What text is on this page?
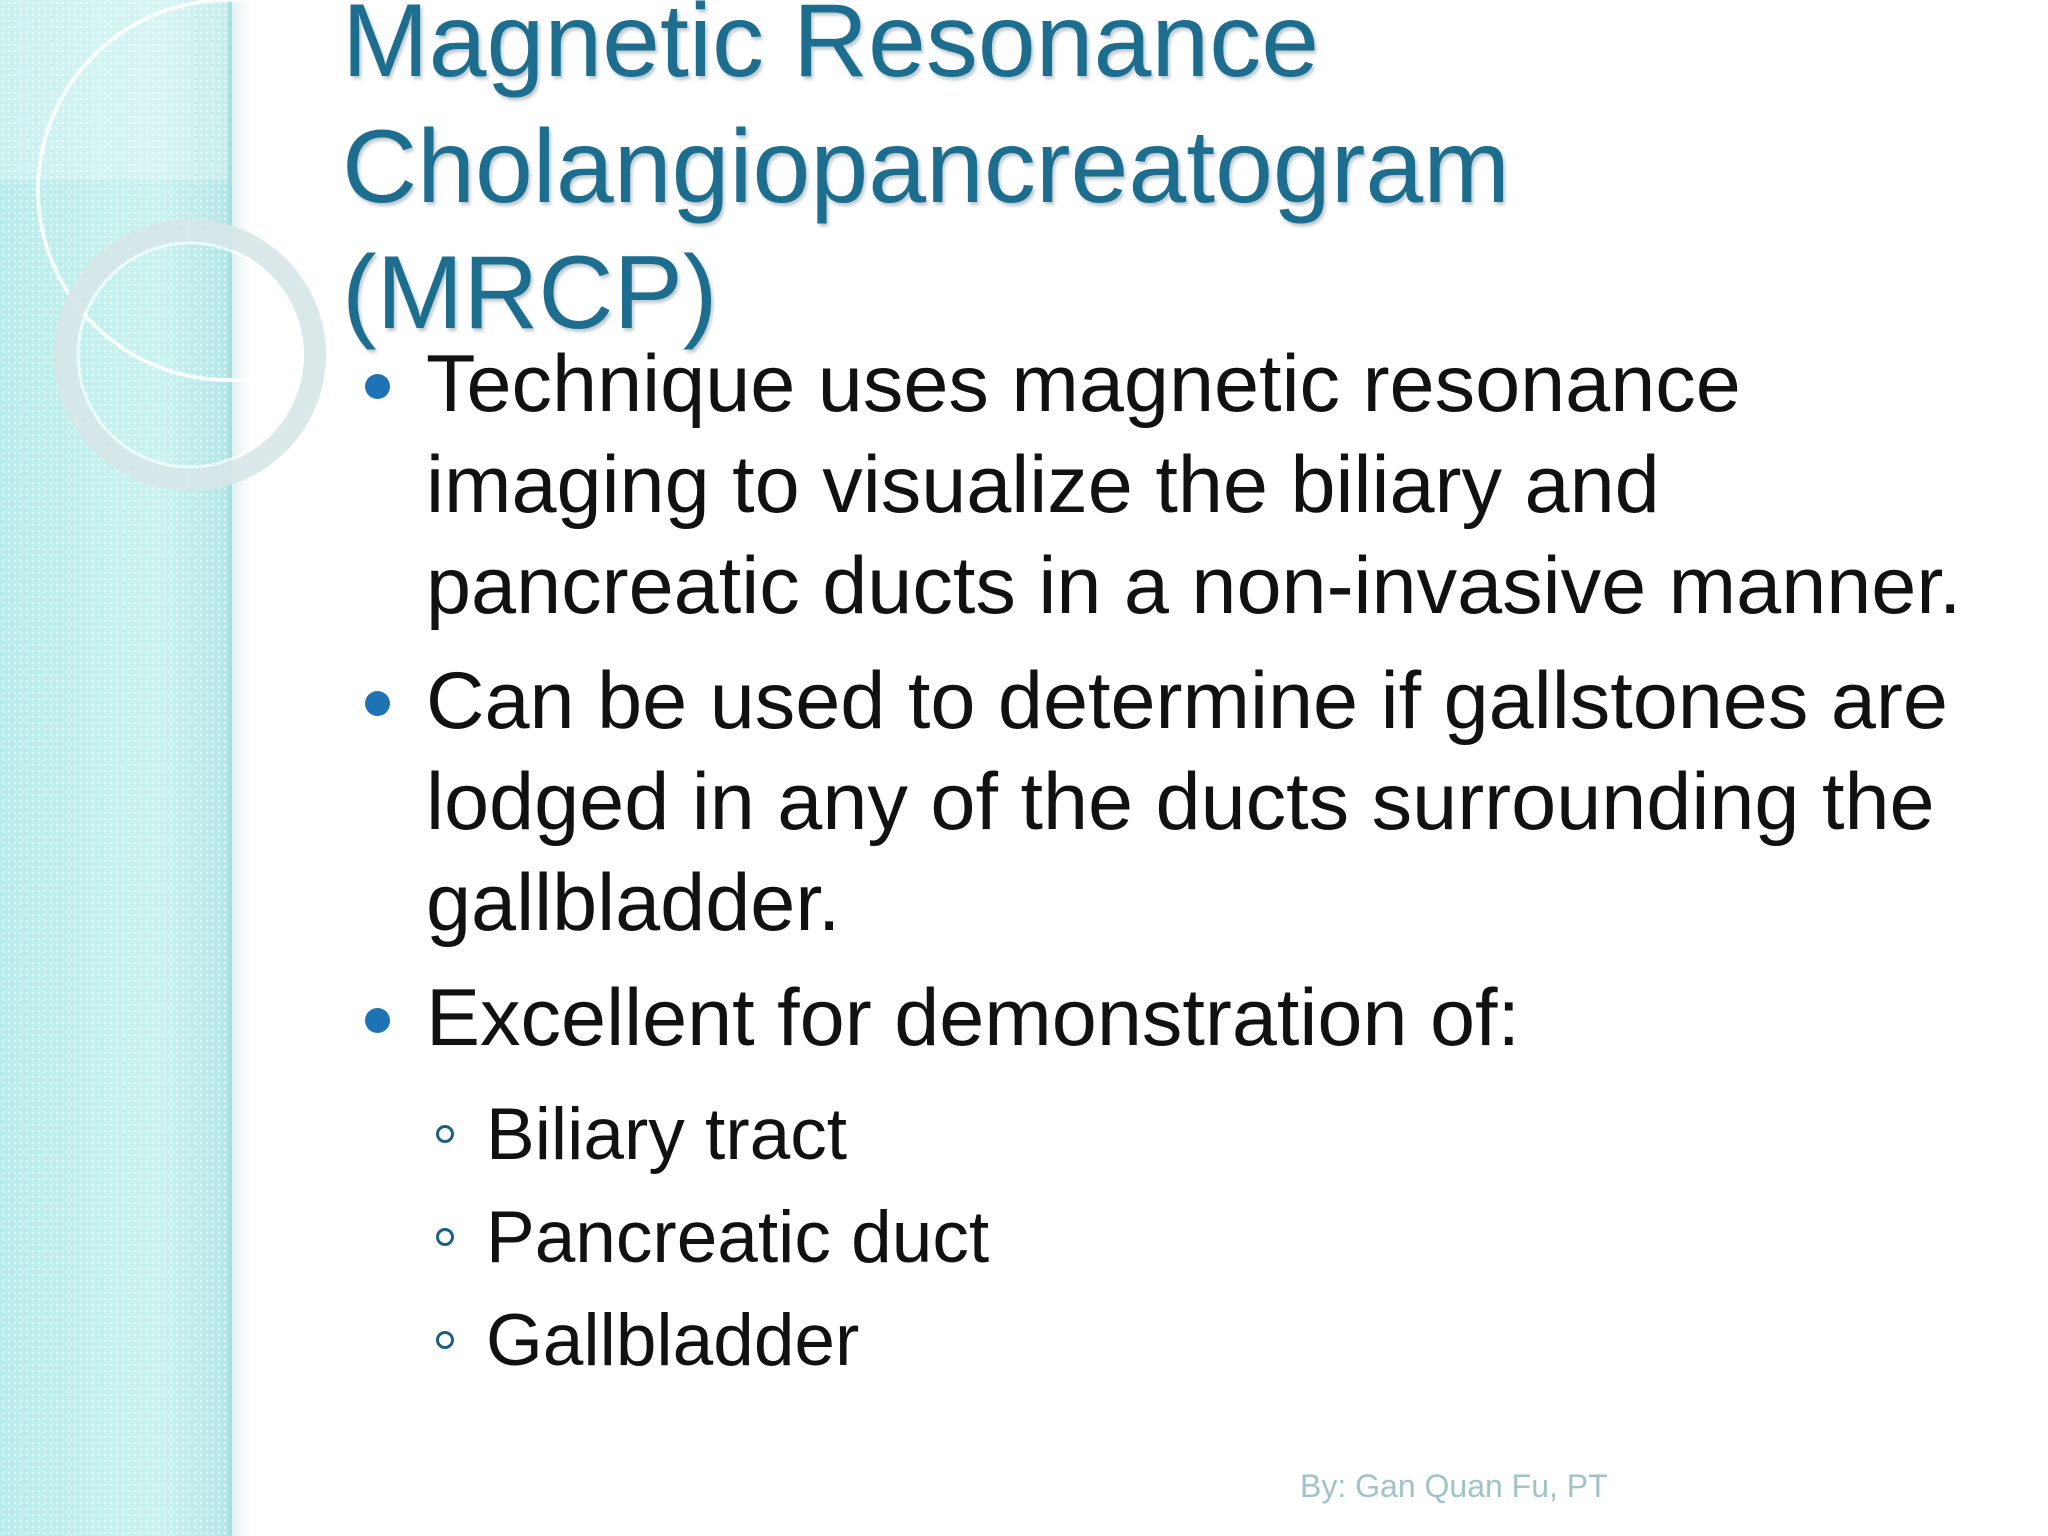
Magnetic Resonance
Cholangiopancreatogram
(MRCP)
Technique uses magnetic resonance imaging to visualize the biliary and pancreatic ducts in a non-invasive manner.
Can be used to determine if gallstones are lodged in any of the ducts surrounding the gallbladder.
Excellent for demonstration of:
Biliary tract
Pancreatic duct
Gallbladder
By: Gan Quan Fu, PT
